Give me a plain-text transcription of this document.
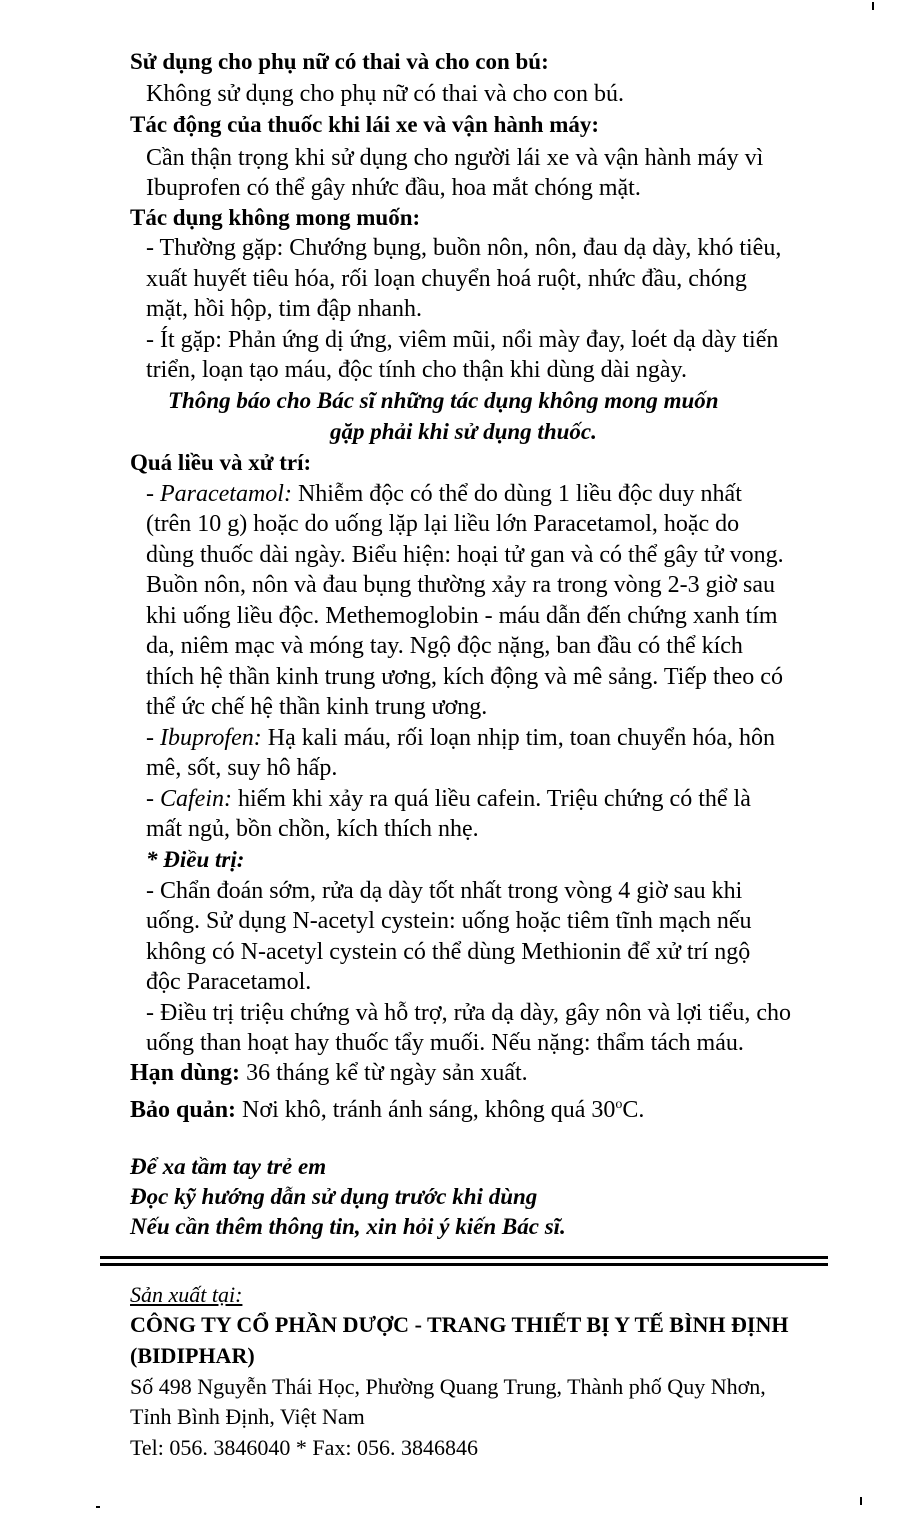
Sử dụng cho phụ nữ có thai và cho con bú:
Không sử dụng cho phụ nữ có thai và cho con bú.
Tác động của thuốc khi lái xe và vận hành máy:
Cần thận trọng khi sử dụng cho người lái xe và vận hành máy vì
Ibuprofen có thể gây nhức đầu, hoa mắt chóng mặt.
Tác dụng không mong muốn:
- Thường gặp: Chướng bụng, buồn nôn, nôn, đau dạ dày, khó tiêu,
xuất huyết tiêu hóa, rối loạn chuyển hoá ruột, nhức đầu, chóng
mặt, hồi hộp, tim đập nhanh.
- Ít gặp: Phản ứng dị ứng, viêm mũi, nổi mày đay, loét dạ dày tiến
triển, loạn tạo máu, độc tính cho thận khi dùng dài ngày.
Thông báo cho Bác sĩ những tác dụng không mong muốn
gặp phải khi sử dụng thuốc.
Quá liều và xử trí:
- Paracetamol: Nhiễm độc có thể do dùng 1 liều độc duy nhất
(trên 10 g) hoặc do uống lặp lại liều lớn Paracetamol, hoặc do
dùng thuốc dài ngày. Biểu hiện: hoại tử gan và có thể gây tử vong.
Buồn nôn, nôn và đau bụng thường xảy ra trong vòng 2-3 giờ sau
khi uống liều độc. Methemoglobin - máu dẫn đến chứng xanh tím
da, niêm mạc và móng tay. Ngộ độc nặng, ban đầu có thể kích
thích hệ thần kinh trung ương, kích động và mê sảng. Tiếp theo có
thể ức chế hệ thần kinh trung ương.
- Ibuprofen: Hạ kali máu, rối loạn nhịp tim, toan chuyển hóa, hôn
mê, sốt, suy hô hấp.
- Cafein: hiếm khi xảy ra quá liều cafein. Triệu chứng có thể là
mất ngủ, bồn chồn, kích thích nhẹ.
* Điều trị:
- Chẩn đoán sớm, rửa dạ dày tốt nhất trong vòng 4 giờ sau khi
uống. Sử dụng N-acetyl cystein: uống hoặc tiêm tĩnh mạch nếu
không có N-acetyl cystein có thể dùng Methionin để xử trí ngộ
độc Paracetamol.
- Điều trị triệu chứng và hỗ trợ, rửa dạ dày, gây nôn và lợi tiểu, cho
uống than hoạt hay thuốc tẩy muối. Nếu nặng: thẩm tách máu.
Hạn dùng: 36 tháng kể từ ngày sản xuất.
Bảo quản: Nơi khô, tránh ánh sáng, không quá 30$^o$C.
Để xa tầm tay trẻ em
Đọc kỹ hướng dẫn sử dụng trước khi dùng
Nếu cần thêm thông tin, xin hỏi ý kiến Bác sĩ.
Sản xuất tại:
CÔNG TY CỔ PHẦN DƯỢC - TRANG THIẾT BỊ Y TẾ BÌNH ĐỊNH
(BIDIPHAR)
Số 498 Nguyễn Thái Học, Phường Quang Trung, Thành phố Quy Nhơn,
Tỉnh Bình Định, Việt Nam
Tel: 056. 3846040 * Fax: 056. 3846846
